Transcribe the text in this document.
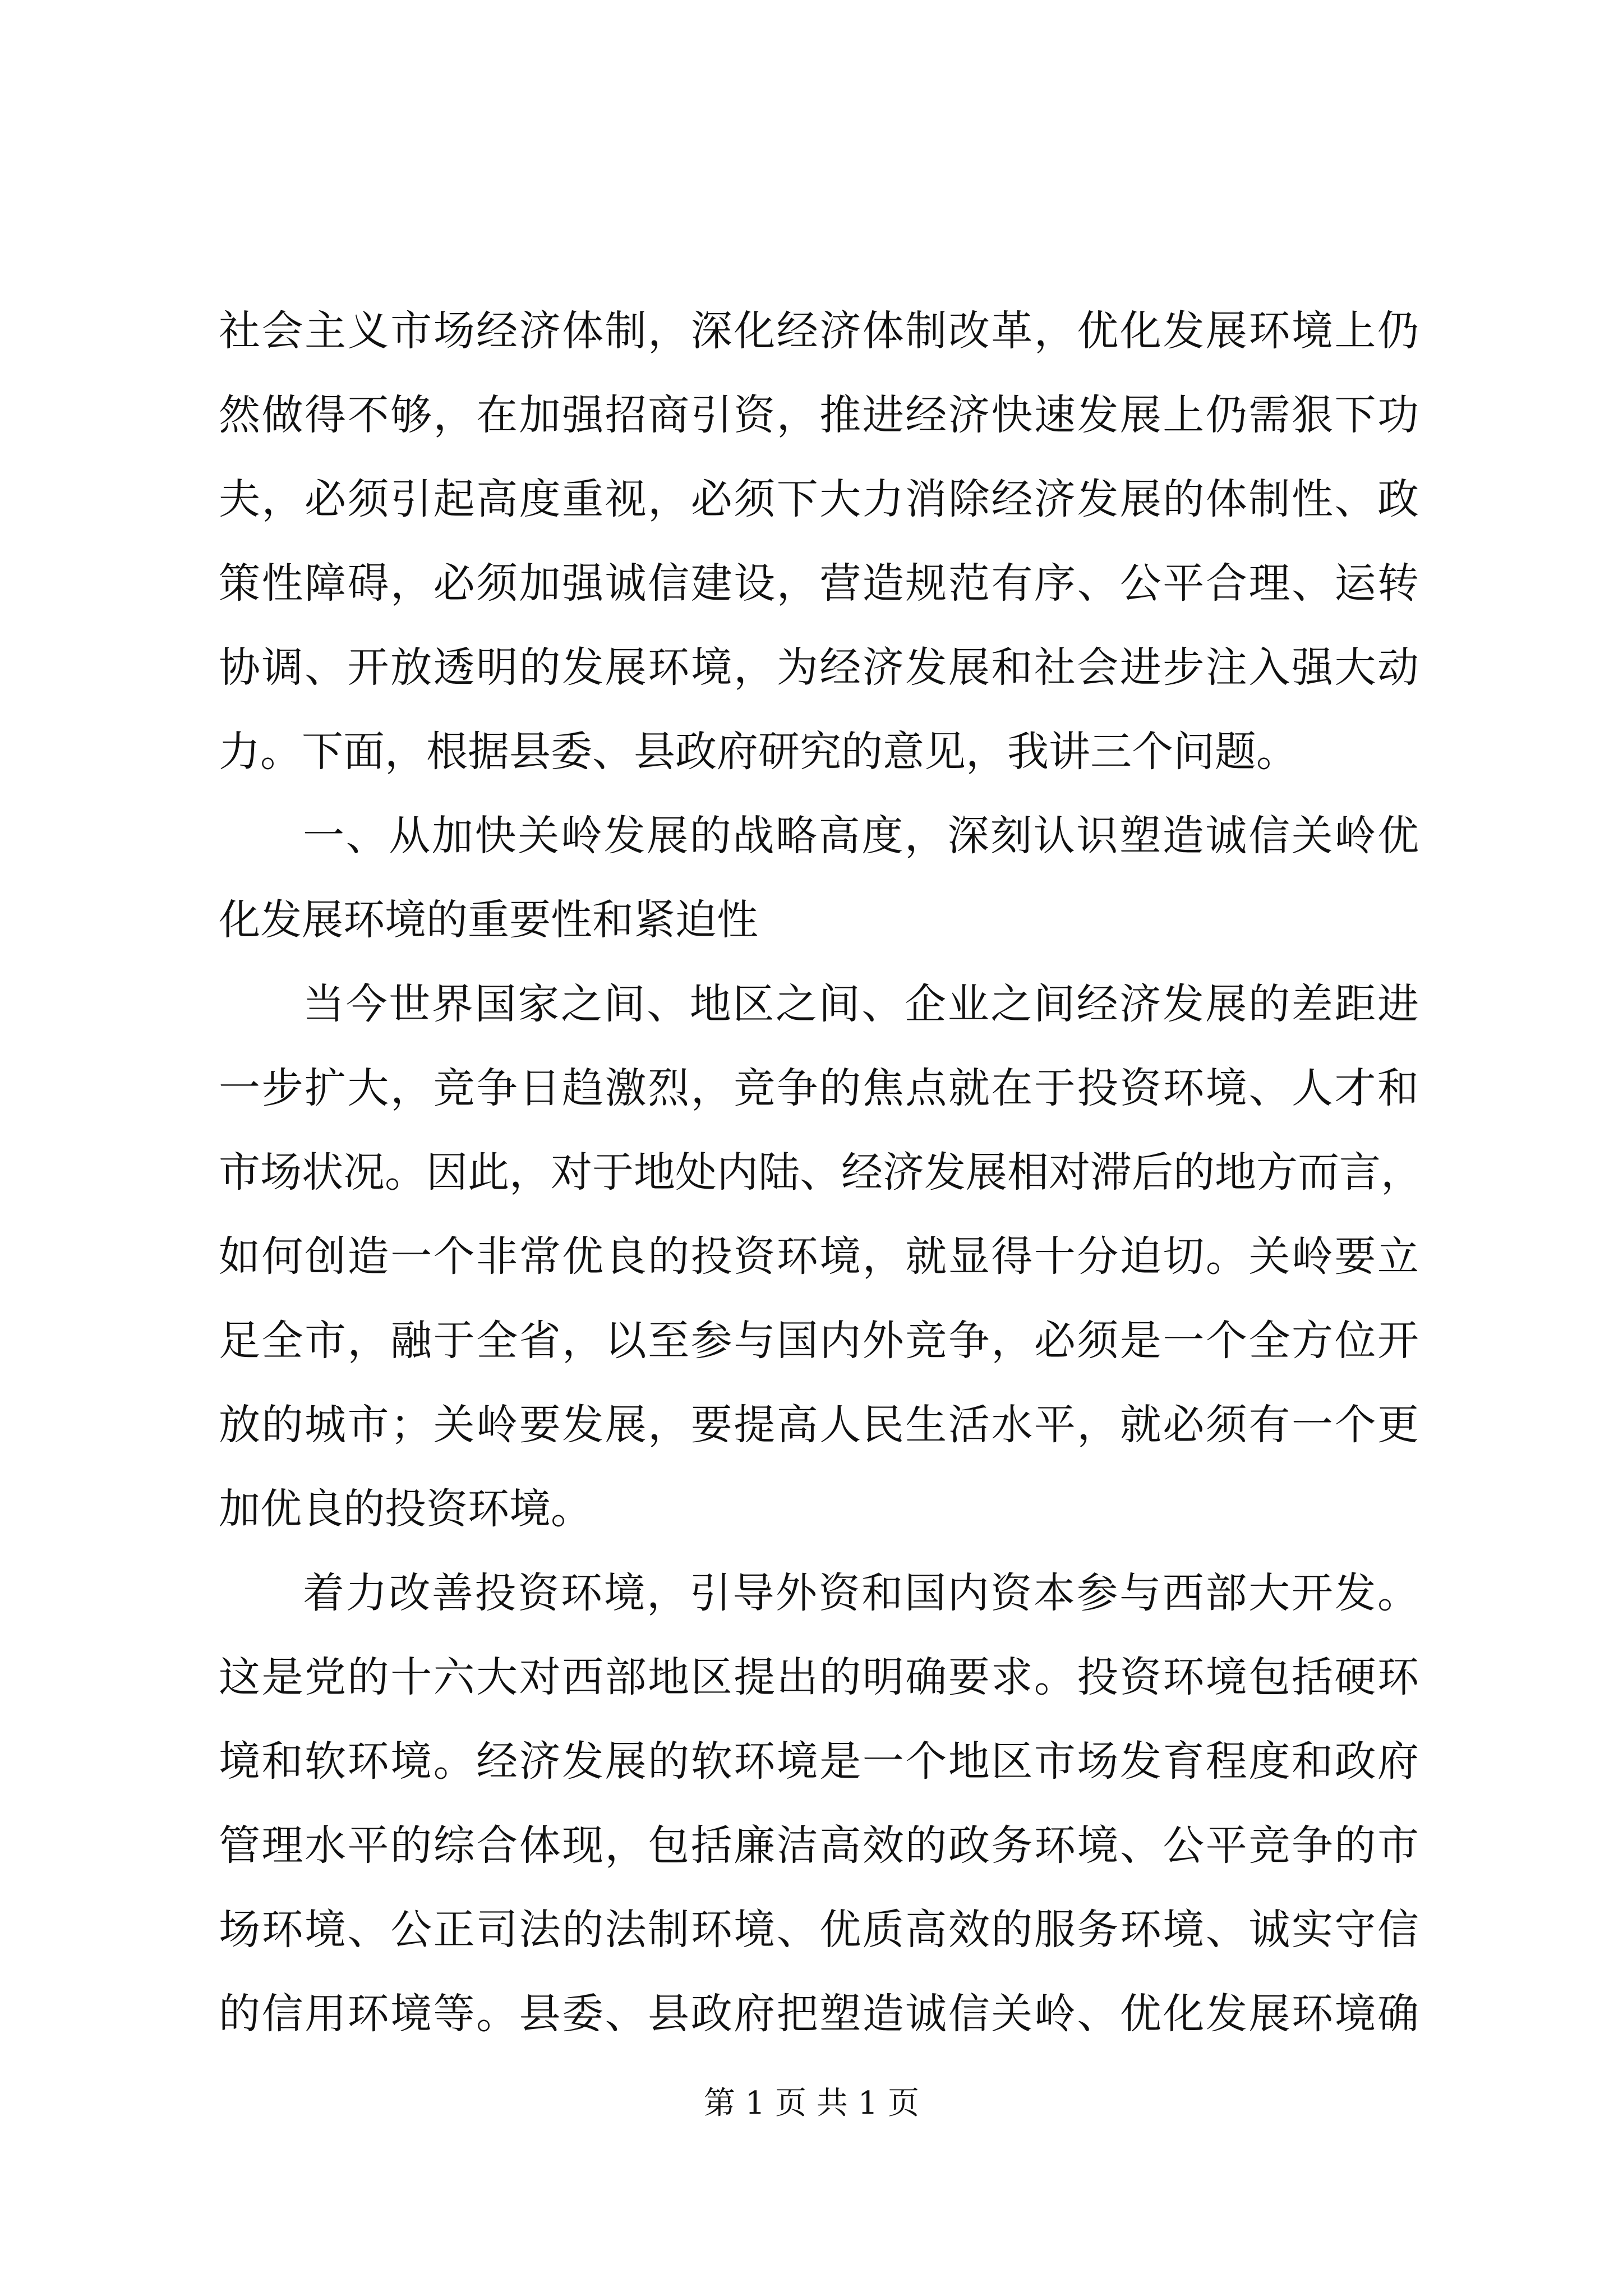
社会主义市场经济体制，深化经济体制改革，优化发展环境上仍
然做得不够，在加强招商引资，推进经济快速发展上仍需狠下功
夫，必须引起高度重视，必须下大力消除经济发展的体制性、政
策性障碍，必须加强诚信建设，营造规范有序、公平合理、运转
协调、开放透明的发展环境，为经济发展和社会进步注入强大动
力。下面，根据县委、县政府研究的意见，我讲三个问题。
一、从加快关岭发展的战略高度，深刻认识塑造诚信关岭优
化发展环境的重要性和紧迫性
当今世界国家之间、地区之间、企业之间经济发展的差距进
一步扩大，竞争日趋激烈，竞争的焦点就在于投资环境、人才和
市场状况。因此，对于地处内陆、经济发展相对滞后的地方而言，
如何创造一个非常优良的投资环境，就显得十分迫切。关岭要立
足全市，融于全省，以至参与国内外竞争，必须是一个全方位开
放的城市；关岭要发展，要提高人民生活水平，就必须有一个更
加优良的投资环境。
着力改善投资环境，引导外资和国内资本参与西部大开发。
这是党的十六大对西部地区提出的明确要求。投资环境包括硬环
境和软环境。经济发展的软环境是一个地区市场发育程度和政府
管理水平的综合体现，包括廉洁高效的政务环境、公平竞争的市
场环境、公正司法的法制环境、优质高效的服务环境、诚实守信
的信用环境等。县委、县政府把塑造诚信关岭、优化发展环境确
第 1 页 共 1 页
